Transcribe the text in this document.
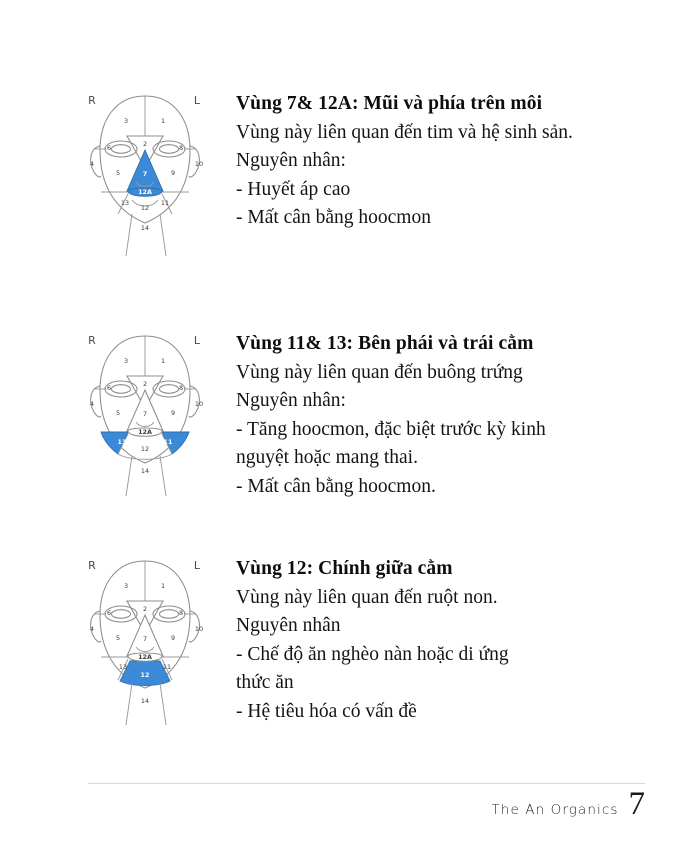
R	L
1
2
3
4
5
6
7
8
9
10
11
12
12A
13
14
Vùng 7& 12A: Mũi và phía trên môi
Vùng này liên quan đến tim và hệ sinh sản.
Nguyên nhân:
- Huyết áp cao
- Mất cân bằng hoocmon
R	L
1
2
3
4
5
6
7
8
9
10
11
12
12A
13
14
Vùng 11& 13: Bên phái và trái cằm
Vùng này liên quan đến buông trứng
Nguyên nhân:
- Tăng hoocmon, đặc biệt trước kỳ kinh
nguyệt hoặc mang thai.
- Mất cân bằng hoocmon.
R	L
1
2
3
4
5
6
7
8
9
10
11
12
12A
13
14
Vùng 12: Chính giữa cằm
Vùng này liên quan đến ruột non.
Nguyên nhân
- Chế độ ăn nghèo nàn hoặc di ứng
thức ăn
- Hệ tiêu hóa có vấn đề
The An Organics 7
